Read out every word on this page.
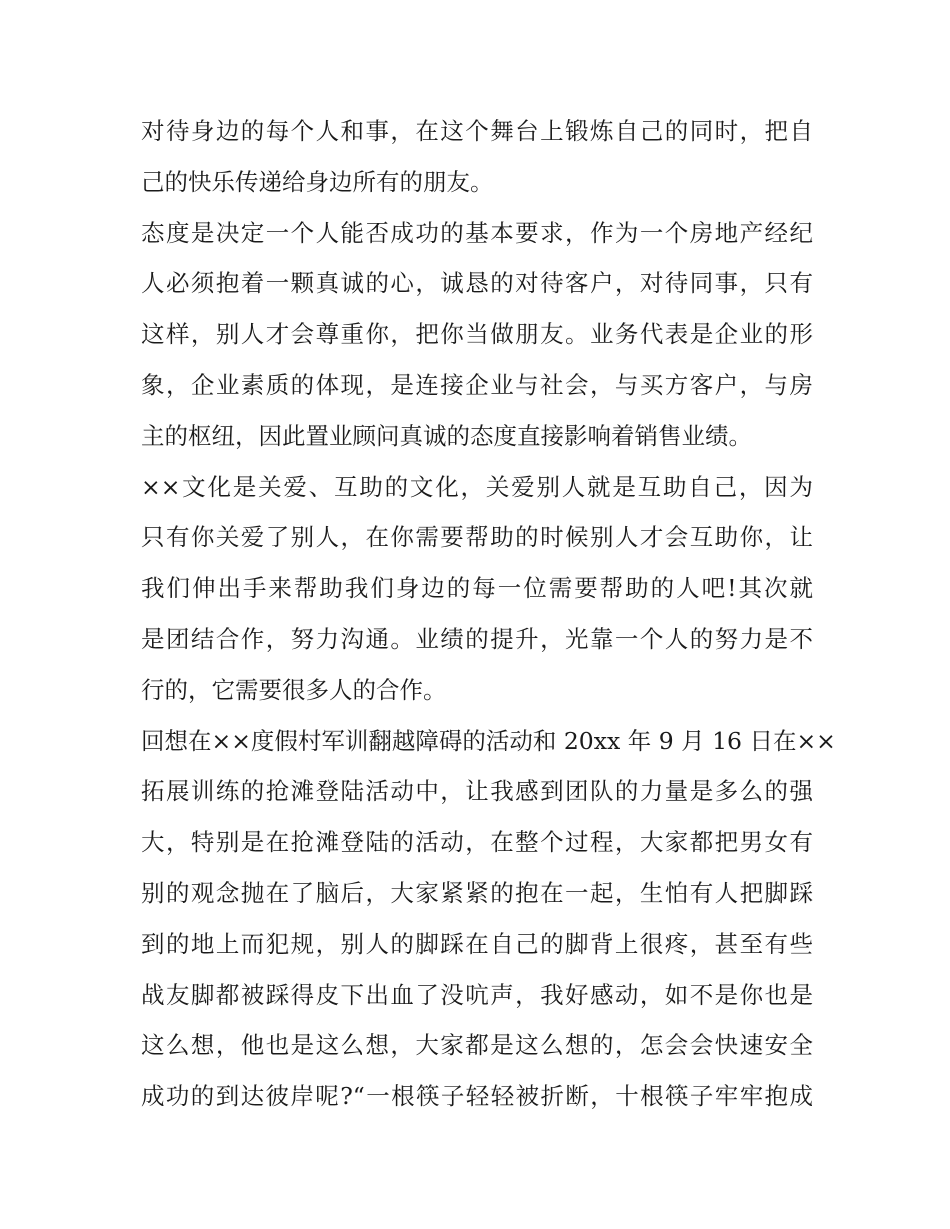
对待身边的每个人和事，在这个舞台上锻炼自己的同时，把自
己的快乐传递给身边所有的朋友。
态度是决定一个人能否成功的基本要求，作为一个房地产经纪
人必须抱着一颗真诚的心，诚恳的对待客户，对待同事，只有
这样，别人才会尊重你，把你当做朋友。业务代表是企业的形
象，企业素质的体现，是连接企业与社会，与买方客户，与房
主的枢纽，因此置业顾问真诚的态度直接影响着销售业绩。
××文化是关爱、互助的文化，关爱别人就是互助自己，因为
只有你关爱了别人，在你需要帮助的时候别人才会互助你，让
我们伸出手来帮助我们身边的每一位需要帮助的人吧!其次就
是团结合作，努力沟通。业绩的提升，光靠一个人的努力是不
行的，它需要很多人的合作。
回想在××度假村军训翻越障碍的活动和 20xx 年 9 月 16 日在××
拓展训练的抢滩登陆活动中，让我感到团队的力量是多么的强
大，特别是在抢滩登陆的活动，在整个过程，大家都把男女有
别的观念抛在了脑后，大家紧紧的抱在一起，生怕有人把脚踩
到的地上而犯规，别人的脚踩在自己的脚背上很疼，甚至有些
战友脚都被踩得皮下出血了没吭声，我好感动，如不是你也是
这么想，他也是这么想，大家都是这么想的，怎会会快速安全
成功的到达彼岸呢?“一根筷子轻轻被折断，十根筷子牢牢抱成
